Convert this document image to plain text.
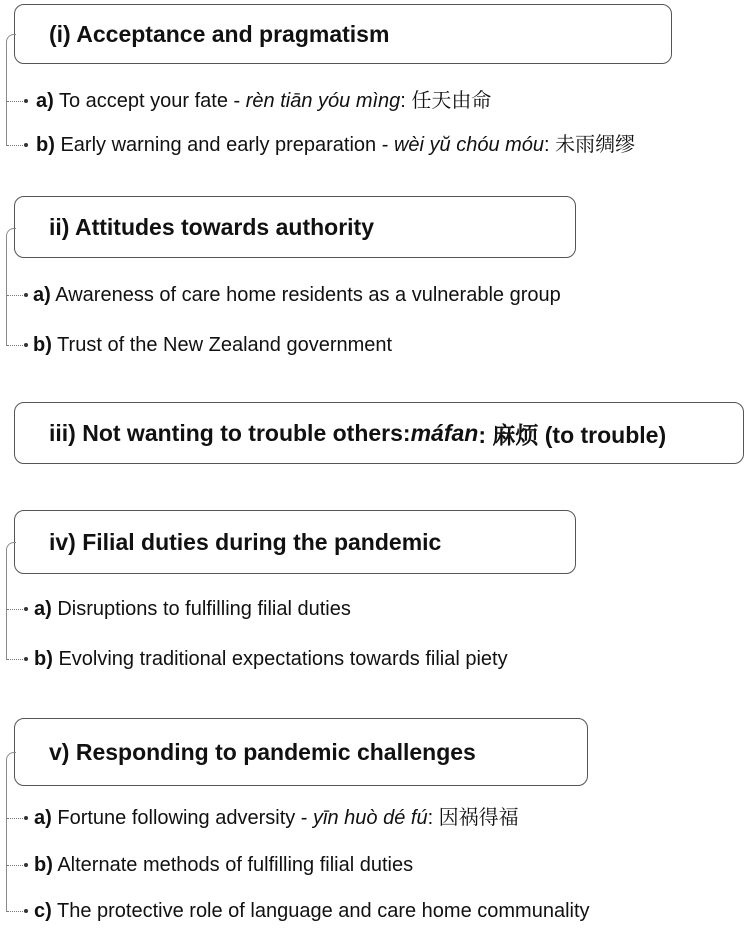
(i) Acceptance and pragmatism
a) To accept your fate - rèn tiān yóu mìng: 任天由命
b) Early warning and early preparation - wèi yŭ chóu móu: 未雨绸缪
ii) Attitudes towards authority
a) Awareness of care home residents as a vulnerable group
b) Trust of the New Zealand government
iii) Not wanting to trouble others: máfan : 麻烦 (to trouble)
iv) Filial duties during the pandemic
a) Disruptions to fulfilling filial duties
b) Evolving traditional expectations towards filial piety
v) Responding to pandemic challenges
a) Fortune following adversity - yīn huò dé fú: 因祸得福
b) Alternate methods of fulfilling filial duties
c) The protective role of language and care home communality
